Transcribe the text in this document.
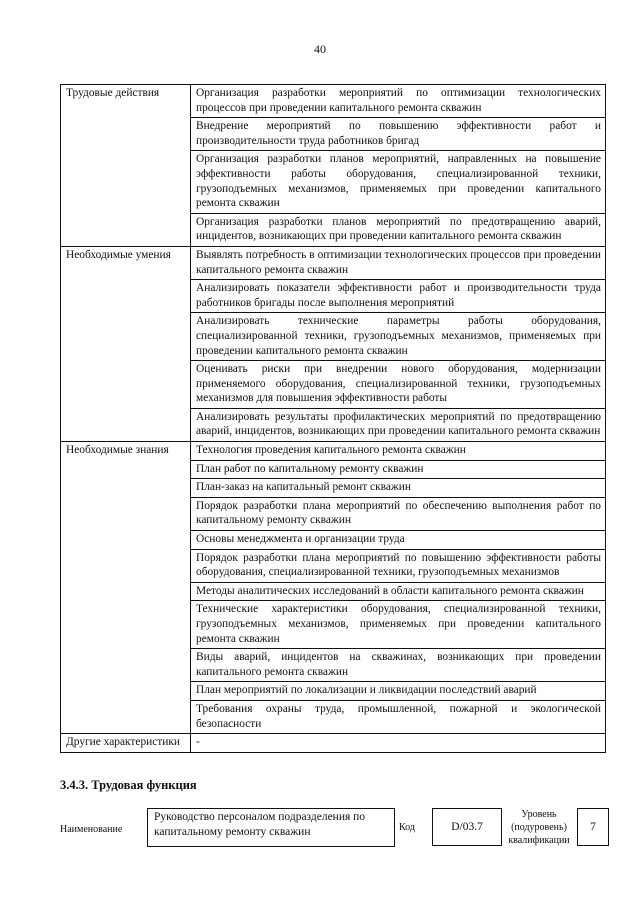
40
Трудовые действия	Организация разработки мероприятий по оптимизации технологических процессов при проведении капитального ремонта скважин
	Внедрение мероприятий по повышению эффективности работ и производительности труда работников бригад
	Организация разработки планов мероприятий, направленных на повышение эффективности работы оборудования, специализированной техники, грузоподъемных механизмов, применяемых при проведении капитального ремонта скважин
	Организация разработки планов мероприятий по предотвращению аварий, инцидентов, возникающих при проведении капитального ремонта скважин
Необходимые умения	Выявлять потребность в оптимизации технологических процессов при проведении капитального ремонта скважин
	Анализировать показатели эффективности работ и производительности труда работников бригады после выполнения мероприятий
	Анализировать технические параметры работы оборудования, специализированной техники, грузоподъемных механизмов, применяемых при проведении капитального ремонта скважин
	Оценивать риски при внедрении нового оборудования, модернизации применяемого оборудования, специализированной техники, грузоподъемных механизмов для повышения эффективности работы
	Анализировать результаты профилактических мероприятий по предотвращению аварий, инцидентов, возникающих при проведении капитального ремонта скважин
Необходимые знания	Технология проведения капитального ремонта скважин
	План работ по капитальному ремонту скважин
	План-заказ на капитальный ремонт скважин
	Порядок разработки плана мероприятий по обеспечению выполнения работ по капитальному ремонту скважин
	Основы менеджмента и организации труда
	Порядок разработки плана мероприятий по повышению эффективности работы оборудования, специализированной техники, грузоподъемных механизмов
	Методы аналитических исследований в области капитального ремонта скважин
	Технические характеристики оборудования, специализированной техники, грузоподъемных механизмов, применяемых при проведении капитального ремонта скважин
	Виды аварий, инцидентов на скважинах, возникающих при проведении капитального ремонта скважин
	План мероприятий по локализации и ликвидации последствий аварий
	Требования охраны труда, промышленной, пожарной и экологической безопасности
Другие характеристики	-
3.4.3. Трудовая функция
Наименование
Руководство персоналом подразделения по капитальному ремонту скважин	Код	D/03.7
Уровень (подуровень) квалификации
7
